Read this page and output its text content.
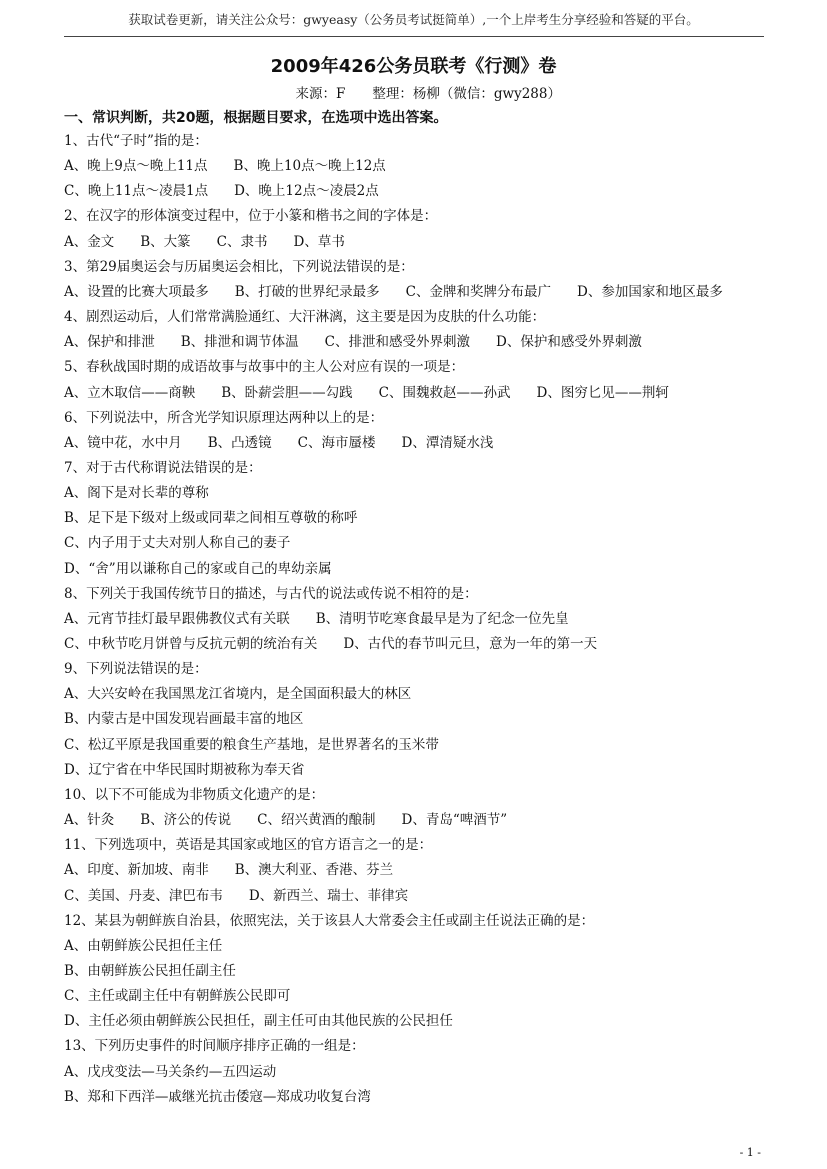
获取试卷更新，请关注公众号：gwyeasy（公务员考试挺简单）,一个上岸考生分享经验和答疑的平台。
2009年426公务员联考《行测》卷
来源：F　　整理：杨柳（微信：gwy288）
一、常识判断，共20题，根据题目要求，在选项中选出答案。
1、古代“子时”指的是：
A、晚上9点～晚上11点 B、晚上10点～晚上12点
C、晚上11点～凌晨1点 D、晚上12点～凌晨2点
2、在汉字的形体演变过程中，位于小篆和楷书之间的字体是：
A、金文 B、大篆 C、隶书 D、草书
3、第29届奥运会与历届奥运会相比，下列说法错误的是：
A、设置的比赛大项最多 B、打破的世界纪录最多 C、金牌和奖牌分布最广 D、参加国家和地区最多
4、剧烈运动后，人们常常满脸通红、大汗淋漓，这主要是因为皮肤的什么功能：
A、保护和排泄 B、排泄和调节体温 C、排泄和感受外界刺激 D、保护和感受外界刺激
5、春秋战国时期的成语故事与故事中的主人公对应有误的一项是：
A、立木取信——商鞅 B、卧薪尝胆——勾践 C、围魏救赵——孙武 D、图穷匕见——荆轲
6、下列说法中，所含光学知识原理达两种以上的是：
A、镜中花，水中月 B、凸透镜 C、海市蜃楼 D、潭清疑水浅
7、对于古代称谓说法错误的是：
A、阁下是对长辈的尊称
B、足下是下级对上级或同辈之间相互尊敬的称呼
C、内子用于丈夫对别人称自己的妻子
D、“舍”用以谦称自己的家或自己的卑幼亲属
8、下列关于我国传统节日的描述，与古代的说法或传说不相符的是：
A、元宵节挂灯最早跟佛教仪式有关联 B、清明节吃寒食最早是为了纪念一位先皇
C、中秋节吃月饼曾与反抗元朝的统治有关 D、古代的春节叫元旦，意为一年的第一天
9、下列说法错误的是：
A、大兴安岭在我国黑龙江省境内，是全国面积最大的林区
B、内蒙古是中国发现岩画最丰富的地区
C、松辽平原是我国重要的粮食生产基地，是世界著名的玉米带
D、辽宁省在中华民国时期被称为奉天省
10、以下不可能成为非物质文化遗产的是：
A、针灸 B、济公的传说 C、绍兴黄酒的酿制 D、青岛“啤酒节”
11、下列选项中，英语是其国家或地区的官方语言之一的是：
A、印度、新加坡、南非 B、澳大利亚、香港、芬兰
C、美国、丹麦、津巴布韦 D、新西兰、瑞士、菲律宾
12、某县为朝鲜族自治县，依照宪法，关于该县人大常委会主任或副主任说法正确的是：
A、由朝鲜族公民担任主任
B、由朝鲜族公民担任副主任
C、主任或副主任中有朝鲜族公民即可
D、主任必须由朝鲜族公民担任，副主任可由其他民族的公民担任
13、下列历史事件的时间顺序排序正确的一组是：
A、戊戌变法—马关条约—五四运动
B、郑和下西洋—戚继光抗击倭寇—郑成功收复台湾
- 1 -
